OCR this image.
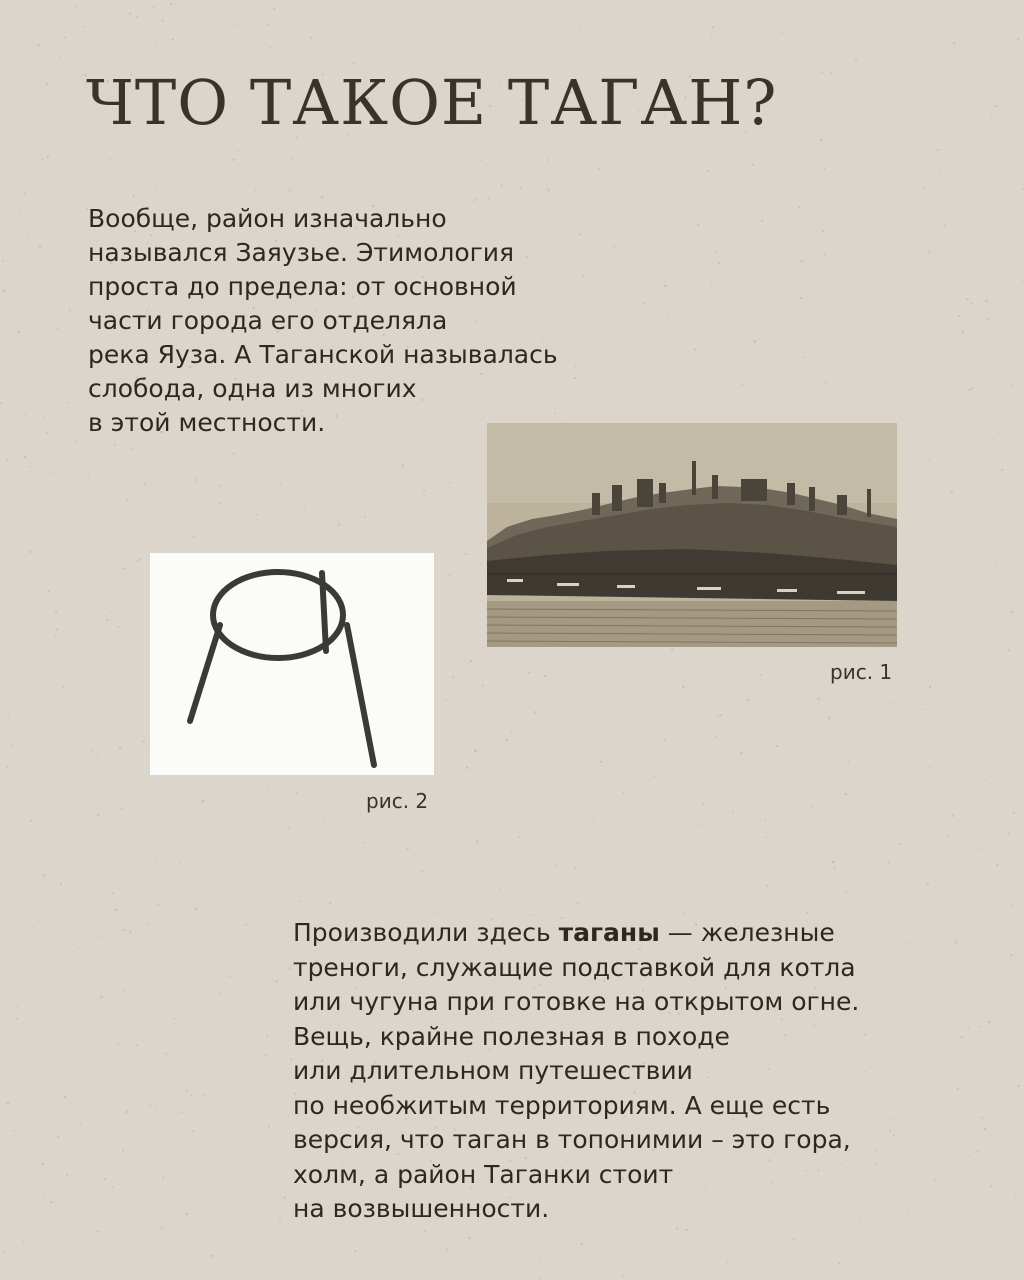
ЧТО ТАКОЕ ТАГАН?

Вообще, район изначально

назывался Заяузье. Этимология

проста до предела: от основной

части города его отделяла

река Яуза. А Таганской называлась

слобода, одна из многих

в этой местности.

рис. 1
рис. 2

Производили здесь таганы — железные

треноги, служащие подставкой для котла

или чугуна при готовке на открытом огне.

Вещь, крайне полезная в походе

или длительном путешествии

по необжитым территориям. А еще есть

версия, что таган в топонимии – это гора,

холм, а район Таганки стоит

на возвышенности.
